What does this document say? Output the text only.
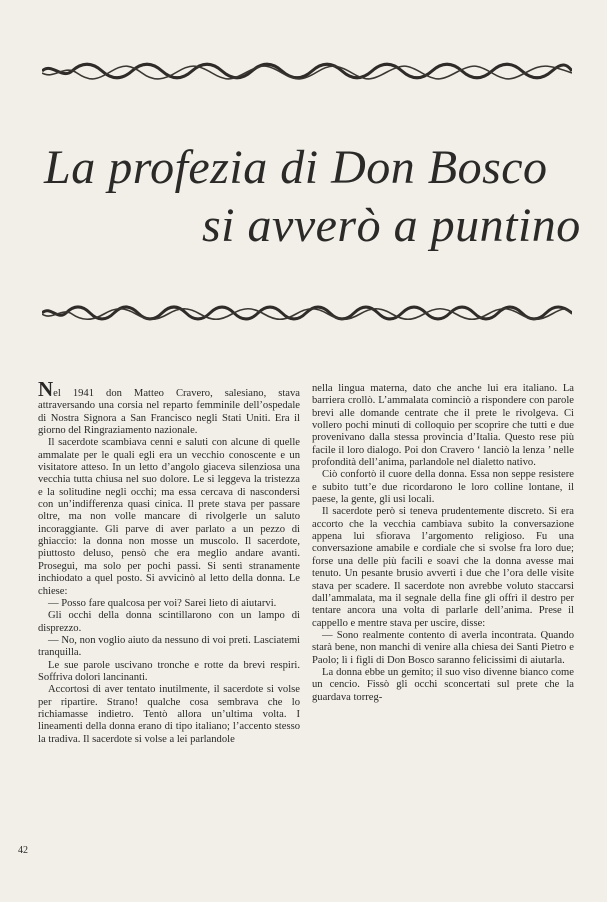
La profezia di Don Bosco
si avverò a puntino

Nel 1941 don Matteo Cravero, salesiano, stava attraversando una corsia nel reparto femminile dell’ospedale di Nostra Signora a San Francisco negli Stati Uniti. Era il giorno del Ringraziamento nazionale.

Il sacerdote scambiava cenni e saluti con alcune di quelle ammalate per le quali egli era un vecchio conoscente e un visitatore atteso. In un letto d’angolo giaceva silenziosa una vecchia tutta chiusa nel suo dolore. Le si leggeva la tristezza e la solitudine negli occhi; ma essa cercava di nascondersi con un’indifferenza quasi cinica. Il prete stava per passare oltre, ma non volle mancare di rivolgerle un saluto incoraggiante. Gli parve di aver parlato a un pezzo di ghiaccio: la donna non mosse un muscolo. Il sacerdote, piuttosto deluso, pensò che era meglio andare avanti. Proseguì, ma solo per pochi passi. Si sentì stranamente inchiodato a quel posto. Si avvicinò al letto della donna. Le chiese:

— Posso fare qualcosa per voi? Sarei lieto di aiutarvi.

Gli occhi della donna scintillarono con un lampo di disprezzo.

— No, non voglio aiuto da nessuno di voi preti. Lasciatemi tranquilla.

Le sue parole uscivano tronche e rotte da brevi respiri. Soffriva dolori lancinanti.

Accortosi di aver tentato inutilmente, il sacerdote si volse per ripartire. Strano! qualche cosa sembrava che lo richiamasse indietro. Tentò allora un’ultima volta. I lineamenti della donna erano di tipo italiano; l’accento stesso la tradiva. Il sacerdote si volse a lei parlandole

nella lingua materna, dato che anche lui era italiano. La barriera crollò. L’ammalata cominciò a rispondere con parole brevi alle domande centrate che il prete le rivolgeva. Ci vollero pochi minuti di colloquio per scoprire che tutti e due provenivano dalla stessa provincia d’Italia. Questo rese più facile il loro dialogo. Poi don Cravero ‘ lanciò la lenza ’ nelle profondità dell’anima, parlandole nel dialetto nativo.

Ciò confortò il cuore della donna. Essa non seppe resistere e subito tutt’e due ricordarono le loro colline lontane, il paese, la gente, gli usi locali.

Il sacerdote però si teneva prudentemente discreto. Si era accorto che la vecchia cambiava subito la conversazione appena lui sfiorava l’argomento religioso. Fu una conversazione amabile e cordiale che si svolse fra loro due; forse una delle più facili e soavi che la donna avesse mai tenuto. Un pesante brusio avvertì i due che l’ora delle visite stava per scadere. Il sacerdote non avrebbe voluto staccarsi dall’ammalata, ma il segnale della fine gli offrì il destro per tentare ancora una volta di parlarle dell’anima. Prese il cappello e mentre stava per uscire, disse:

— Sono realmente contento di averla incontrata. Quando starà bene, non manchi di venire alla chiesa dei Santi Pietro e Paolo; lì i figli di Don Bosco saranno felicissimi di aiutarla.

La donna ebbe un gemito; il suo viso divenne bianco come un cencio. Fissò gli occhi sconcertati sul prete che la guardava torreg-

42
